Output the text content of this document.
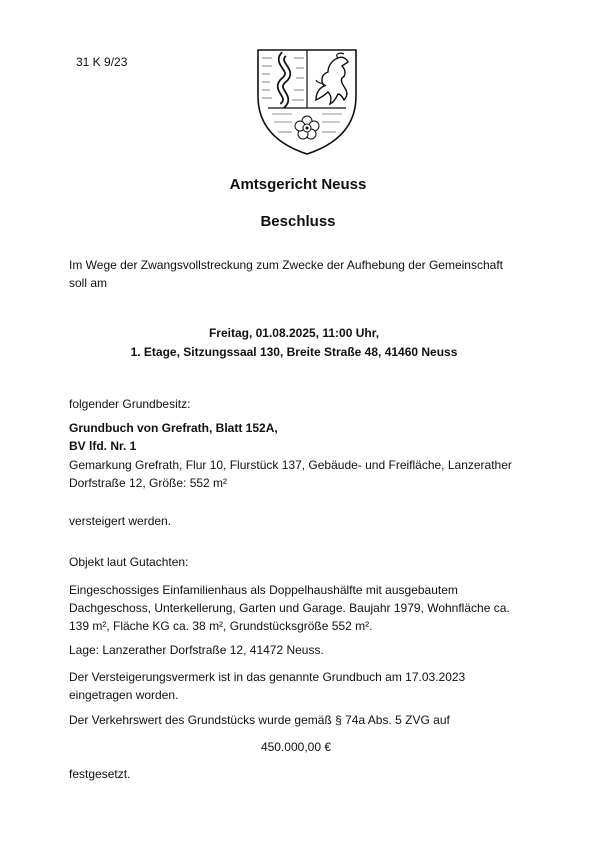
31 K 9/23
Amtsgericht Neuss
Beschluss
Im Wege der Zwangsvollstreckung zum Zwecke der Aufhebung der Gemeinschaft
soll am
Freitag, 01.08.2025, 11:00 Uhr,
1. Etage, Sitzungssaal 130, Breite Straße 48, 41460 Neuss
folgender Grundbesitz:
Grundbuch von Grefrath, Blatt 152A,
BV lfd. Nr. 1
Gemarkung Grefrath, Flur 10, Flurstück 137, Gebäude- und Freifläche, Lanzerather
Dorfstraße 12, Größe: 552 m²
versteigert werden.
Objekt laut Gutachten:
Eingeschossiges Einfamilienhaus als Doppelhaushälfte mit ausgebautem
Dachgeschoss, Unterkellerung, Garten und Garage. Baujahr 1979, Wohnfläche ca.
139 m², Fläche KG ca. 38 m², Grundstücksgröße 552 m².
Lage: Lanzerather Dorfstraße 12, 41472 Neuss.
Der Versteigerungsvermerk ist in das genannte Grundbuch am 17.03.2023
eingetragen worden.
Der Verkehrswert des Grundstücks wurde gemäß § 74a Abs. 5 ZVG auf
450.000,00 €
festgesetzt.
